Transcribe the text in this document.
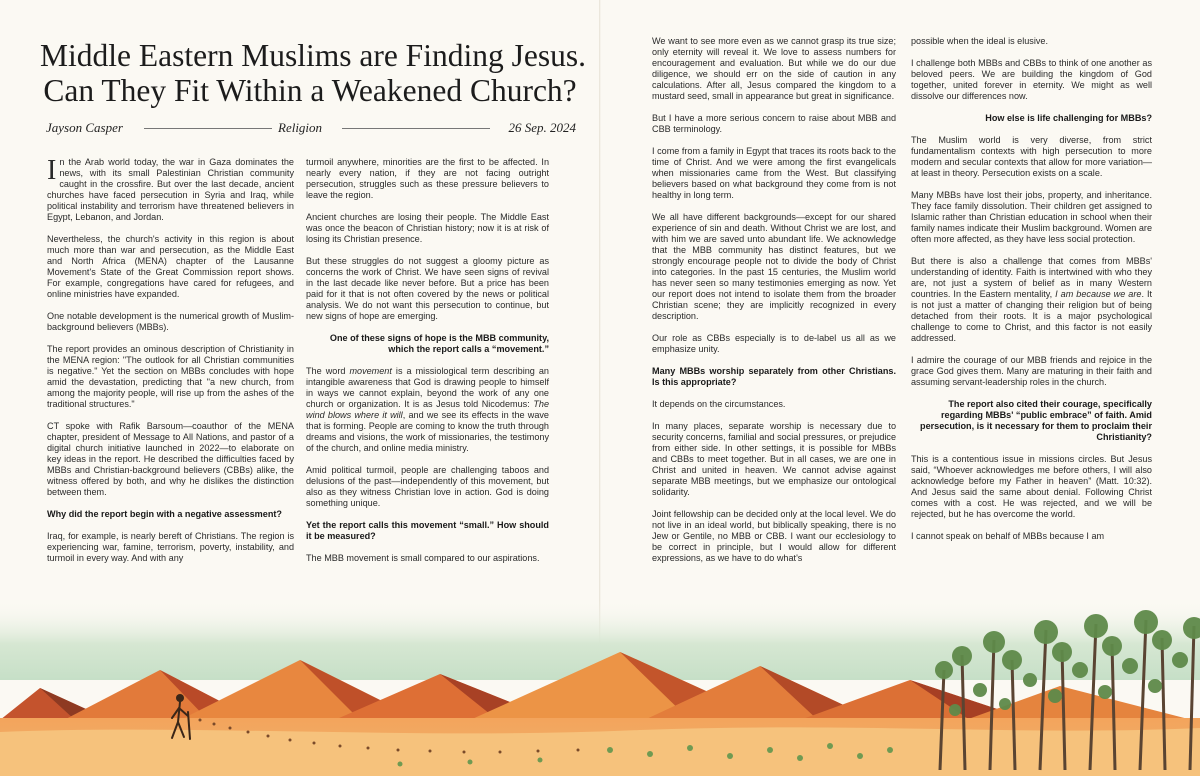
Middle Eastern Muslims are Finding Jesus.
Can They Fit Within a Weakened Church?
Jayson Casper	Religion	26 Sep. 2024

In the Arab world today, the war in Gaza dominates the news, with its small Palestinian Christian community caught in the crossfire. But over the last decade, ancient churches have faced persecution in Syria and Iraq, while political instability and terrorism have threatened believers in Egypt, Lebanon, and Jordan.

Nevertheless, the church's activity in this region is about much more than war and persecution, as the Middle East and North Africa (MENA) chapter of the Lausanne Movement's State of the Great Commission report shows. For example, congregations have cared for refugees, and online ministries have expanded.

One notable development is the numerical growth of Muslim-background believers (MBBs).

The report provides an ominous description of Christianity in the MENA region: "The outlook for all Christian communities is negative." Yet the section on MBBs concludes with hope amid the devastation, predicting that "a new church, from among the majority people, will rise up from the ashes of the traditional structures."

CT spoke with Rafik Barsoum—coauthor of the MENA chapter, president of Message to All Nations, and pastor of a digital church initiative launched in 2022—to elaborate on key ideas in the report. He described the difficulties faced by MBBs and Christian-background believers (CBBs) alike, the witness offered by both, and why he dislikes the distinction between them.

Why did the report begin with a negative assessment?

Iraq, for example, is nearly bereft of Christians. The region is experiencing war, famine, terrorism, poverty, instability, and turmoil in every way. And with any

turmoil anywhere, minorities are the first to be affected. In nearly every nation, if they are not facing outright persecution, struggles such as these pressure believers to leave the region.

Ancient churches are losing their people. The Middle East was once the beacon of Christian history; now it is at risk of losing its Christian presence.

But these struggles do not suggest a gloomy picture as concerns the work of Christ. We have seen signs of revival in the last decade like never before. But a price has been paid for it that is not often covered by the news or political analysis. We do not want this persecution to continue, but new signs of hope are emerging.

One of these signs of hope is the MBB community, which the report calls a “movement.”

The word movement is a missiological term describing an intangible awareness that God is drawing people to himself in ways we cannot explain, beyond the work of any one church or organization. It is as Jesus told Nicodemus: The wind blows where it will, and we see its effects in the wave that is forming. People are coming to know the truth through dreams and visions, the work of missionaries, the testimony of the church, and online media ministry.

Amid political turmoil, people are challenging taboos and delusions of the past—independently of this movement, but also as they witness Christian love in action. God is doing something unique.

Yet the report calls this movement “small.” How should it be measured?

The MBB movement is small compared to our aspirations.

We want to see more even as we cannot grasp its true size; only eternity will reveal it. We love to assess numbers for encouragement and evaluation. But while we do our due diligence, we should err on the side of caution in any calculations. After all, Jesus compared the kingdom to a mustard seed, small in appearance but great in significance.

But I have a more serious concern to raise about MBB and CBB terminology.

I come from a family in Egypt that traces its roots back to the time of Christ. And we were among the first evangelicals when missionaries came from the West. But classifying believers based on what background they come from is not healthy in long term.

We all have different backgrounds—except for our shared experience of sin and death. Without Christ we are lost, and with him we are saved unto abundant life. We acknowledge that the MBB community has distinct features, but we strongly encourage people not to divide the body of Christ into categories. In the past 15 centuries, the Muslim world has never seen so many testimonies emerging as now. Yet our report does not intend to isolate them from the broader Christian scene; they are implicitly recognized in every description.

Our role as CBBs especially is to de-label us all as we emphasize unity.

Many MBBs worship separately from other Christians. Is this appropriate?

It depends on the circumstances.

In many places, separate worship is necessary due to security concerns, familial and social pressures, or prejudice from either side. In other settings, it is possible for MBBs and CBBs to meet together. But in all cases, we are one in Christ and united in heaven. We cannot advise against separate MBB meetings, but we emphasize our ontological solidarity.

Joint fellowship can be decided only at the local level. We do not live in an ideal world, but biblically speaking, there is no Jew or Gentile, no MBB or CBB. I want our ecclesiology to be correct in principle, but I would allow for different expressions, as we have to do what's

possible when the ideal is elusive.

I challenge both MBBs and CBBs to think of one another as beloved peers. We are building the kingdom of God together, united forever in eternity. We might as well dissolve our differences now.

How else is life challenging for MBBs?

The Muslim world is very diverse, from strict fundamentalism contexts with high persecution to more modern and secular contexts that allow for more variation—at least in theory. Persecution exists on a scale.

Many MBBs have lost their jobs, property, and inheritance. They face family dissolution. Their children get assigned to Islamic rather than Christian education in school when their family names indicate their Muslim background. Women are often more affected, as they have less social protection.

But there is also a challenge that comes from MBBs' understanding of identity. Faith is intertwined with who they are, not just a system of belief as in many Western countries. In the Eastern mentality, I am because we are. It is not just a matter of changing their religion but of being detached from their roots. It is a major psychological challenge to come to Christ, and this factor is not easily addressed.

I admire the courage of our MBB friends and rejoice in the grace God gives them. Many are maturing in their faith and assuming servant-leadership roles in the church.

The report also cited their courage, specifically regarding MBBs' “public embrace” of faith. Amid persecution, is it necessary for them to proclaim their Christianity?

This is a contentious issue in missions circles. But Jesus said, “Whoever acknowledges me before others, I will also acknowledge before my Father in heaven” (Matt. 10:32). And Jesus said the same about denial. Following Christ comes with a cost. He was rejected, and we will be rejected, but he has overcome the world.

I cannot speak on behalf of MBBs because I am
